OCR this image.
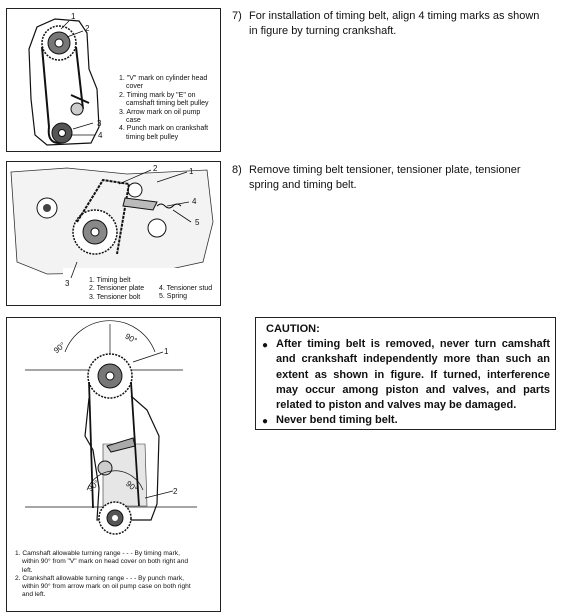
1
2
3
4
1. "V" mark on cylinder head
cover
2. Timing mark by "E" on
camshaft timing belt pulley
3. Arrow mark on oil pump
case
4. Punch mark on crankshaft
timing belt pulley
7) For installation of timing belt, align 4 timing marks as shown in figure by turning crankshaft.
2	1
4
5
3	1. Timing belt
2. Tensioner plate
3. Tensioner bolt
4. Tensioner stud
5. Spring
8) Remove timing belt tensioner, tensioner plate, tensioner spring and timing belt.
1
2
90°
90°
90°	90°
1. Camshaft allowable turning range - - - By timing mark,
within 90° from "V" mark on head cover on both right and
left.
2. Crankshaft allowable turning range - - - By punch mark,
within 90° from arrow mark on oil pump case on both right
and left.
CAUTION:
● After timing belt is removed, never turn camshaft and crankshaft independently more than such an extent as shown in figure. If turned, interference may occur among piston and valves, and parts related to piston and valves may be damaged.
● Never bend timing belt.
